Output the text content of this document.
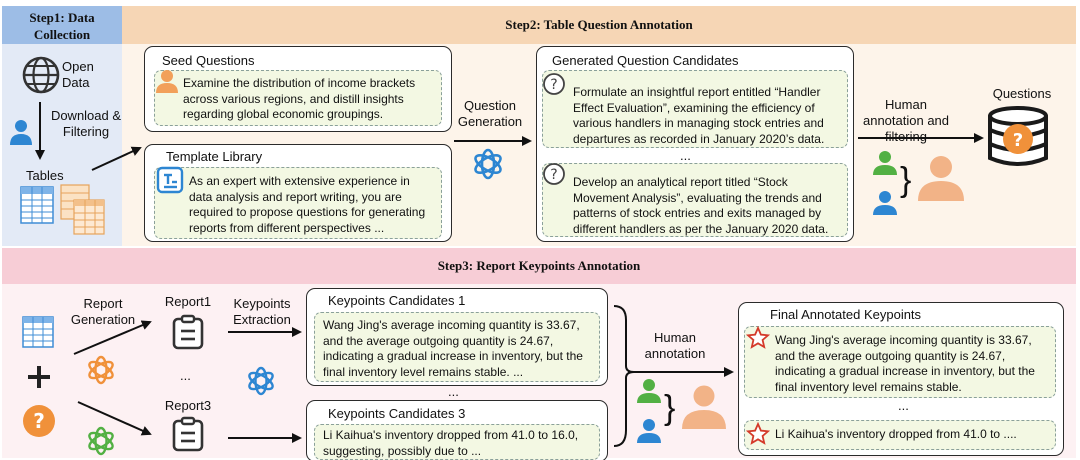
Step1: Data Collection
Step2: Table Question Annotation
Step3: Report Keypoints Annotation
Open Data
Download & Filtering
Tables
Seed Questions
Examine the distribution of income brackets across various regions, and distill insights regarding global economic groupings.
Template Library
As an expert with extensive experience in data analysis and report writing, you are required to propose questions for generating reports from different perspectives ...
Question Generation
Generated Question Candidates
Formulate an insightful report entitled “Handler Effect Evaluation”, examining the efficiency of various handlers in managing stock entries and departures as recorded in January 2020’s data.
?
...
Develop an analytical report titled “Stock Movement Analysis”, evaluating the trends and patterns of stock entries and exits managed by different handlers as per the January 2020 data.
?
Human annotation and filtering
Questions
?
}
?
Report Generation
Report1
...
Report3
Keypoints Extraction
Keypoints Candidates 1
Wang Jing's average incoming quantity is 33.67, and the average outgoing quantity is 24.67, indicating a gradual increase in inventory, but the final inventory level remains stable. ...
...
Keypoints Candidates 3
Li Kaihua's inventory dropped from 41.0 to 16.0, suggesting, possibly due to ...
Human annotation
}
Final Annotated Keypoints
Wang Jing's average incoming quantity is 33.67, and the average outgoing quantity is 24.67, indicating a gradual increase in inventory, but the final inventory level remains stable.
...
Li Kaihua's inventory dropped from 41.0 to ....
